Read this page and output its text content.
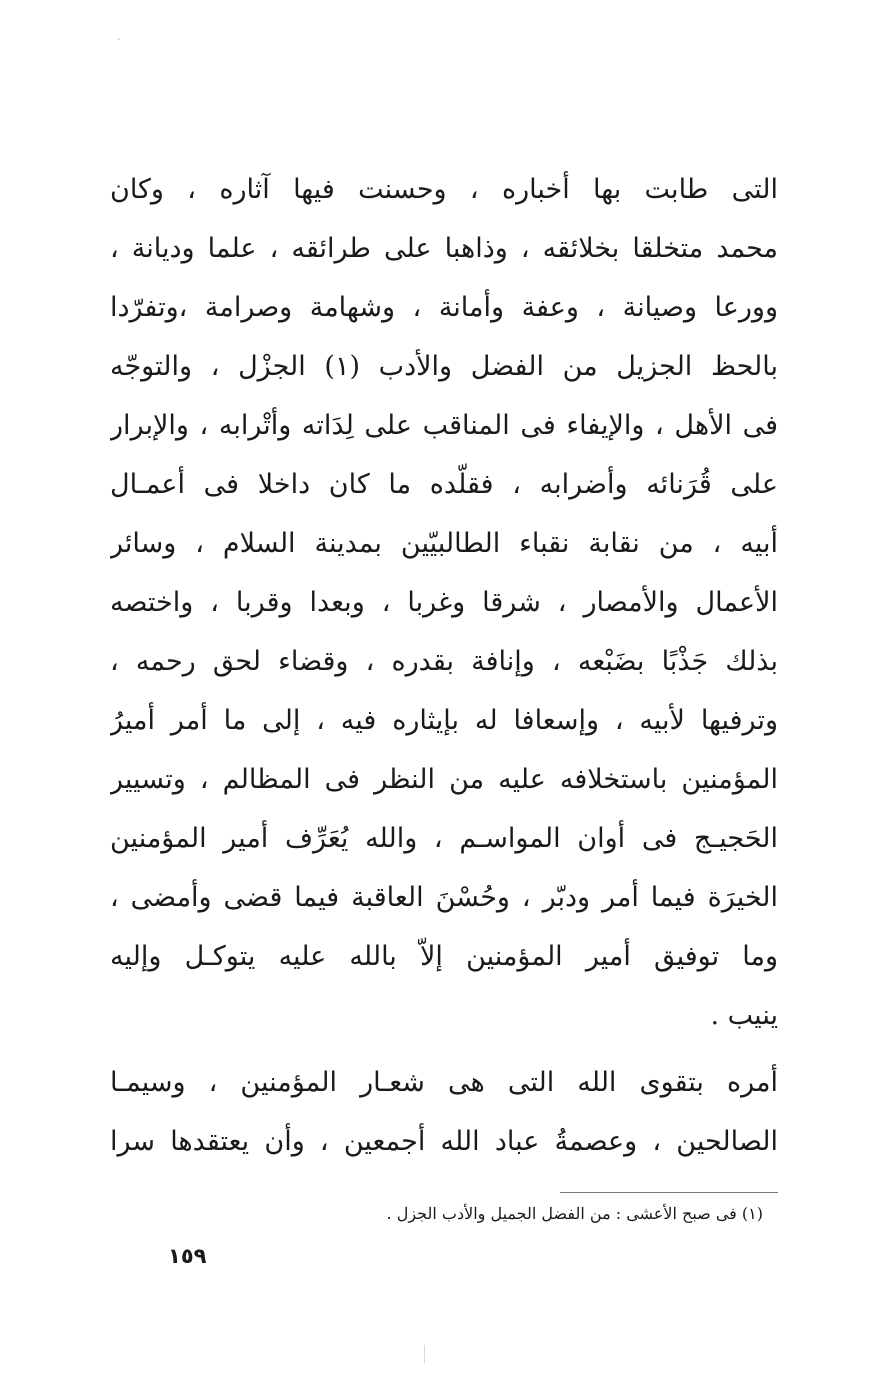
التى طابت بها أخباره ، وحسنت فيها آثاره ، وكان
محمد متخلقا بخلائقه ، وذاهبا على طرائقه ، علما وديانة ،
وورعا وصيانة ، وعفة وأمانة ، وشهامة وصرامة ،وتفرّدا
بالحظ الجزيل من الفضل والأدب (١) الجزْل ، والتوجّه
فى الأهل ، والإيفاء فى المناقب على لِدَاته وأتْرابه ، والإبرار
على قُرَنائه وأضرابه ، فقلّده ما كان داخلا فى أعمـال
أبيه ، من نقابة نقباء الطالبيّين بمدينة السلام ، وسائر
الأعمال والأمصار ، شرقا وغربا ، وبعدا وقربا ، واختصه
بذلك جَذْبًا بضَبْعه ، وإنافة بقدره ، وقضاء لحق رحمه ،
وترفيها لأبيه ، وإسعافا له بإيثاره فيه ، إلى ما أمر أميرُ
المؤمنين باستخلافه عليه من النظر فى المظالم ، وتسيير
الحَجيـج فى أوان المواسـم ، والله يُعَرِّف أمير المؤمنين
الخيرَة فيما أمر ودبّر ، وحُسْنَ العاقبة فيما قضى وأمضى ،
وما توفيق أمير المؤمنين إلاّ بالله عليه يتوكـل وإليه
ينيب .
أمره بتقوى الله التى هى شعـار المؤمنين ، وسيمـا
الصالحين ، وعصمةُ عباد الله أجمعين ، وأن يعتقدها سرا
(١) فى صبح الأعشى : من الفضل الجميل والأدب الجزل .
١٥٩
